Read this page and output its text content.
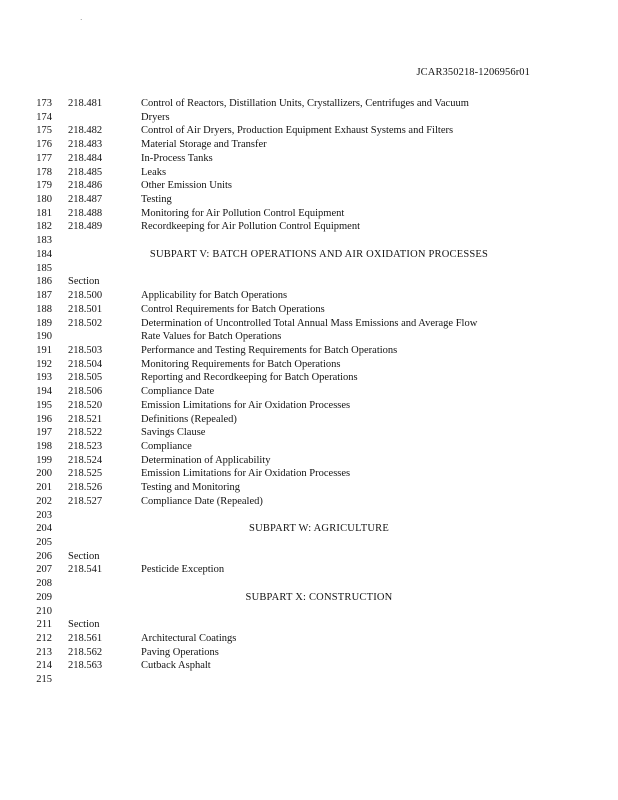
·
JCAR350218-1206956r01
173 218.481	Control of Reactors, Distillation Units, Crystallizers, Centrifuges and Vacuum
174	Dryers
175 218.482	Control of Air Dryers, Production Equipment Exhaust Systems and Filters
176 218.483	Material Storage and Transfer
177 218.484	In-Process Tanks
178 218.485	Leaks
179 218.486	Other Emission Units
180 218.487	Testing
181 218.488	Monitoring for Air Pollution Control Equipment
182 218.489	Recordkeeping for Air Pollution Control Equipment
183
184	SUBPART V: BATCH OPERATIONS AND AIR OXIDATION PROCESSES
185
186 Section
187 218.500	Applicability for Batch Operations
188 218.501	Control Requirements for Batch Operations
189 218.502	Determination of Uncontrolled Total Annual Mass Emissions and Average Flow
190	Rate Values for Batch Operations
191 218.503	Performance and Testing Requirements for Batch Operations
192 218.504	Monitoring Requirements for Batch Operations
193 218.505	Reporting and Recordkeeping for Batch Operations
194 218.506	Compliance Date
195 218.520	Emission Limitations for Air Oxidation Processes
196 218.521	Definitions (Repealed)
197 218.522	Savings Clause
198 218.523	Compliance
199 218.524	Determination of Applicability
200 218.525	Emission Limitations for Air Oxidation Processes
201 218.526	Testing and Monitoring
202 218.527	Compliance Date (Repealed)
203
204	SUBPART W: AGRICULTURE
205
206 Section
207 218.541	Pesticide Exception
208
209	SUBPART X: CONSTRUCTION
210
211 Section
212 218.561	Architectural Coatings
213 218.562	Paving Operations
214 218.563	Cutback Asphalt
215
